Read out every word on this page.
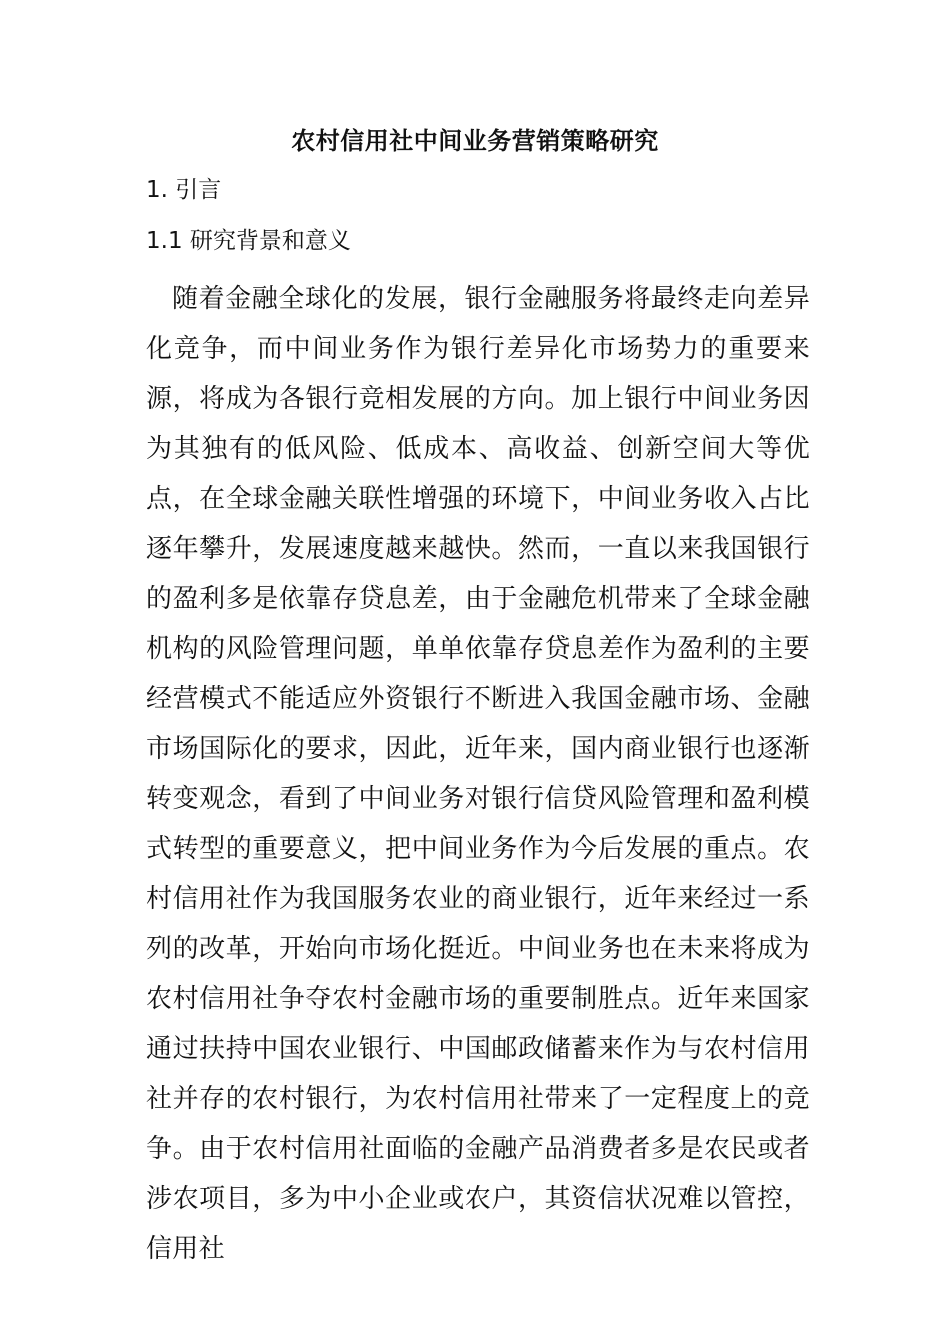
农村信用社中间业务营销策略研究
1. 引言
1.1 研究背景和意义

随着金融全球化的发展，银行金融服务将最终走向差异化竞争，而中间业务作为银行差异化市场势力的重要来源，将成为各银行竞相发展的方向。加上银行中间业务因为其独有的低风险、低成本、高收益、创新空间大等优点，在全球金融关联性增强的环境下，中间业务收入占比逐年攀升，发展速度越来越快。然而，一直以来我国银行的盈利多是依靠存贷息差，由于金融危机带来了全球金融机构的风险管理问题，单单依靠存贷息差作为盈利的主要经营模式不能适应外资银行不断进入我国金融市场、金融市场国际化的要求，因此，近年来，国内商业银行也逐渐转变观念，看到了中间业务对银行信贷风险管理和盈利模式转型的重要意义，把中间业务作为今后发展的重点。农村信用社作为我国服务农业的商业银行，近年来经过一系列的改革，开始向市场化挺近。中间业务也在未来将成为农村信用社争夺农村金融市场的重要制胜点。近年来国家通过扶持中国农业银行、中国邮政储蓄来作为与农村信用社并存的农村银行，为农村信用社带来了一定程度上的竞争。由于农村信用社面临的金融产品消费者多是农民或者涉农项目，多为中小企业或农户，其资信状况难以管控，信用社
